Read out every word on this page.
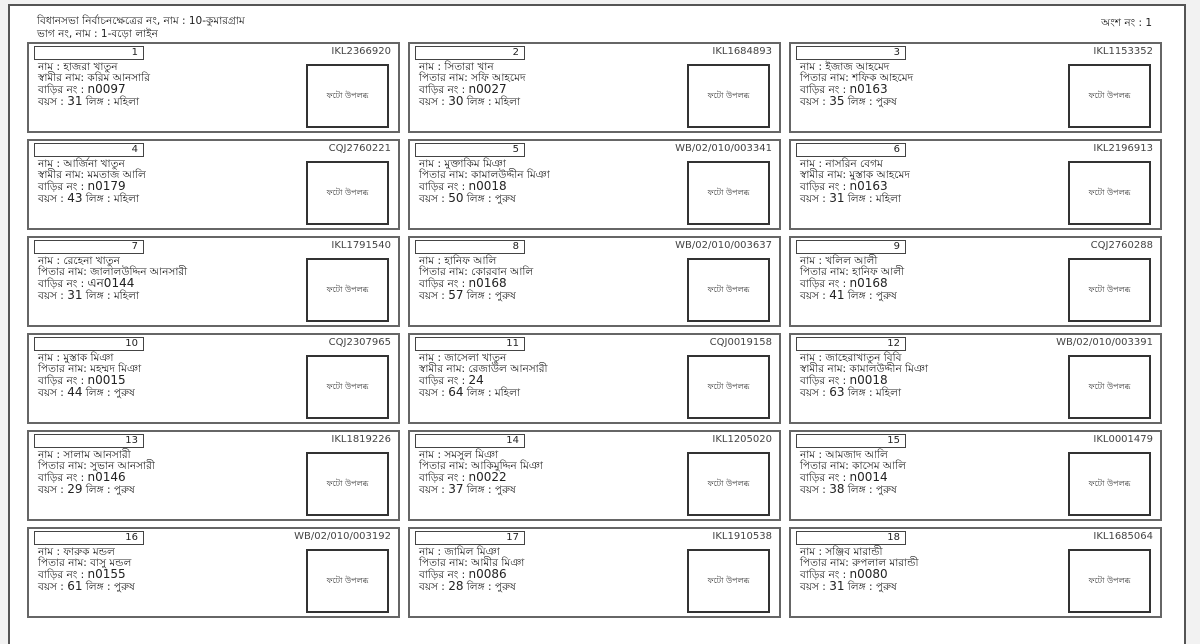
বিধানসভা নির্বাচনক্ষেত্রের নং, নাম : 10-কুমারগ্রাম
ভাগ নং, নাম : 1-বড়ো লাইন
অংশ নং : 1
1	IKL2366920
নাম : হাজরা খাতুন
স্বামীর নাম: করিম আনসারি
বাড়ির নং : n0097
বয়স : 31 লিঙ্গ : মহিলা
ফটো উপলব্ধ
2	IKL1684893
নাম : সিতারা খান
পিতার নাম: সফি আহমেদ
বাড়ির নং : n0027
বয়স : 30 লিঙ্গ : মহিলা
ফটো উপলব্ধ
3	IKL1153352
নাম : ইজাজ আহমেদ
পিতার নাম: শফিক আহমেদ
বাড়ির নং : n0163
বয়স : 35 লিঙ্গ : পুরুষ
ফটো উপলব্ধ
4	CQJ2760221
নাম : আর্জিনা খাতুন
স্বামীর নাম: মমতাজ আলি
বাড়ির নং : n0179
বয়স : 43 লিঙ্গ : মহিলা
ফটো উপলব্ধ
5	WB/02/010/003341
নাম : মুক্তাকিম মিঞা
পিতার নাম: কামালউদ্দীন মিঞা
বাড়ির নং : n0018
বয়স : 50 লিঙ্গ : পুরুষ
ফটো উপলব্ধ
6	IKL2196913
নাম : নাসরিন বেগম
স্বামীর নাম: মুস্তাক আহমেদ
বাড়ির নং : n0163
বয়স : 31 লিঙ্গ : মহিলা
ফটো উপলব্ধ
7	IKL1791540
নাম : রেহেনা খাতুন
পিতার নাম: জালালউদ্দিন আনসারী
বাড়ির নং : এন0144
বয়স : 31 লিঙ্গ : মহিলা
ফটো উপলব্ধ
8	WB/02/010/003637
নাম : হানিফ আলি
পিতার নাম: কোরবান আলি
বাড়ির নং : n0168
বয়স : 57 লিঙ্গ : পুরুষ
ফটো উপলব্ধ
9	CQJ2760288
নাম : খলিল আলী
পিতার নাম: হানিফ আলী
বাড়ির নং : n0168
বয়স : 41 লিঙ্গ : পুরুষ
ফটো উপলব্ধ
10	CQJ2307965
নাম : মুস্তাক মিঞা
পিতার নাম: মহম্মদ মিঞা
বাড়ির নং : n0015
বয়স : 44 লিঙ্গ : পুরুষ
ফটো উপলব্ধ
11	CQJ0019158
নাম : জাসেলা খাতুন
স্বামীর নাম: রেজাউল আনসারী
বাড়ির নং : 24
বয়স : 64 লিঙ্গ : মহিলা
ফটো উপলব্ধ
12	WB/02/010/003391
নাম : জাহেরাখাতুন বিবি
স্বামীর নাম: কামালউদ্দীন মিঞা
বাড়ির নং : n0018
বয়স : 63 লিঙ্গ : মহিলা
ফটো উপলব্ধ
13	IKL1819226
নাম : সালাম আনসারী
পিতার নাম: সুভান আনসারী
বাড়ির নং : n0146
বয়স : 29 লিঙ্গ : পুরুষ
ফটো উপলব্ধ
14	IKL1205020
নাম : সমসুল মিঞা
পিতার নাম: আকিমুদ্দিন মিঞা
বাড়ির নং : n0022
বয়স : 37 লিঙ্গ : পুরুষ
ফটো উপলব্ধ
15	IKL0001479
নাম : আমজাদ আলি
পিতার নাম: কাসেম আলি
বাড়ির নং : n0014
বয়স : 38 লিঙ্গ : পুরুষ
ফটো উপলব্ধ
16	WB/02/010/003192
নাম : ফারুক মন্ডল
পিতার নাম: বাসু মন্ডল
বাড়ির নং : n0155
বয়স : 61 লিঙ্গ : পুরুষ
ফটো উপলব্ধ
17	IKL1910538
নাম : জামিল মিঞা
পিতার নাম: আমীর মিঞা
বাড়ির নং : n0086
বয়স : 28 লিঙ্গ : পুরুষ
ফটো উপলব্ধ
18	IKL1685064
নাম : সঞ্জিব মারান্ডী
পিতার নাম: রুপলাল মারান্ডী
বাড়ির নং : n0080
বয়স : 31 লিঙ্গ : পুরুষ
ফটো উপলব্ধ
